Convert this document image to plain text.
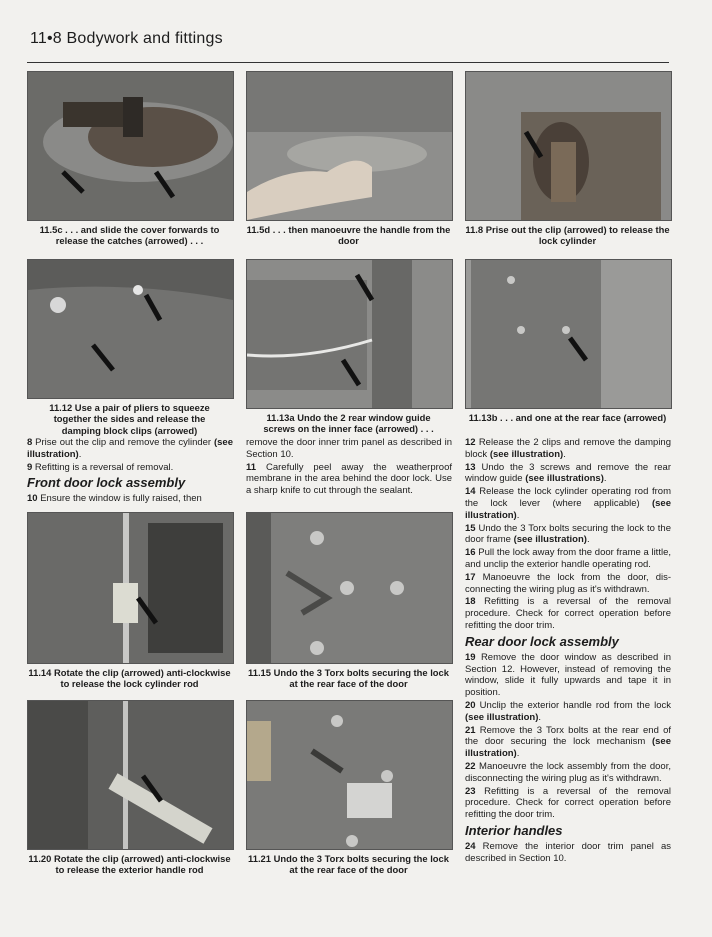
11•8 Bodywork and fittings
11.5c . . . and slide the cover forwards to release the catches (arrowed) . . .
11.5d . . . then manoeuvre the handle from the door
11.8 Prise out the clip (arrowed) to release the lock cylinder
11.12 Use a pair of pliers to squeeze together the sides and release the damping block clips (arrowed)
11.13a Undo the 2 rear window guide screws on the inner face (arrowed) . . .
11.13b . . . and one at the rear face (arrowed)

8 Prise out the clip and remove the cylinder (see illustration).

9 Refitting is a reversal of removal.

Front door lock assembly

10 Ensure the window is fully raised, then

remove the door inner trim panel as described in Section 10.

11 Carefully peel away the weatherproof membrane in the area behind the door lock. Use a sharp knife to cut through the sealant.

11.14 Rotate the clip (arrowed) anti-clockwise to release the lock cylinder rod
11.15 Undo the 3 Torx bolts securing the lock at the rear face of the door
11.20 Rotate the clip (arrowed) anti-clockwise to release the exterior handle rod
11.21 Undo the 3 Torx bolts securing the lock at the rear face of the door

12 Release the 2 clips and remove the damping block (see illustration).

13 Undo the 3 screws and remove the rear window guide (see illustrations).

14 Release the lock cylinder operating rod from the lock lever (where applicable) (see illustration).

15 Undo the 3 Torx bolts securing the lock to the door frame (see illustration).

16 Pull the lock away from the door frame a little, and unclip the exterior handle operating rod.

17 Manoeuvre the lock from the door, dis-connecting the wiring plug as it's withdrawn.

18 Refitting is a reversal of the removal procedure. Check for correct operation before refitting the door trim.

Rear door lock assembly

19 Remove the door window as described in Section 12. However, instead of removing the window, slide it fully upwards and tape it in position.

20 Unclip the exterior handle rod from the lock (see illustration).

21 Remove the 3 Torx bolts at the rear end of the door securing the lock mechanism (see illustration).

22 Manoeuvre the lock assembly from the door, disconnecting the wiring plug as it's withdrawn.

23 Refitting is a reversal of the removal procedure. Check for correct operation before refitting the door trim.

Interior handles

24 Remove the interior door trim panel as described in Section 10.
